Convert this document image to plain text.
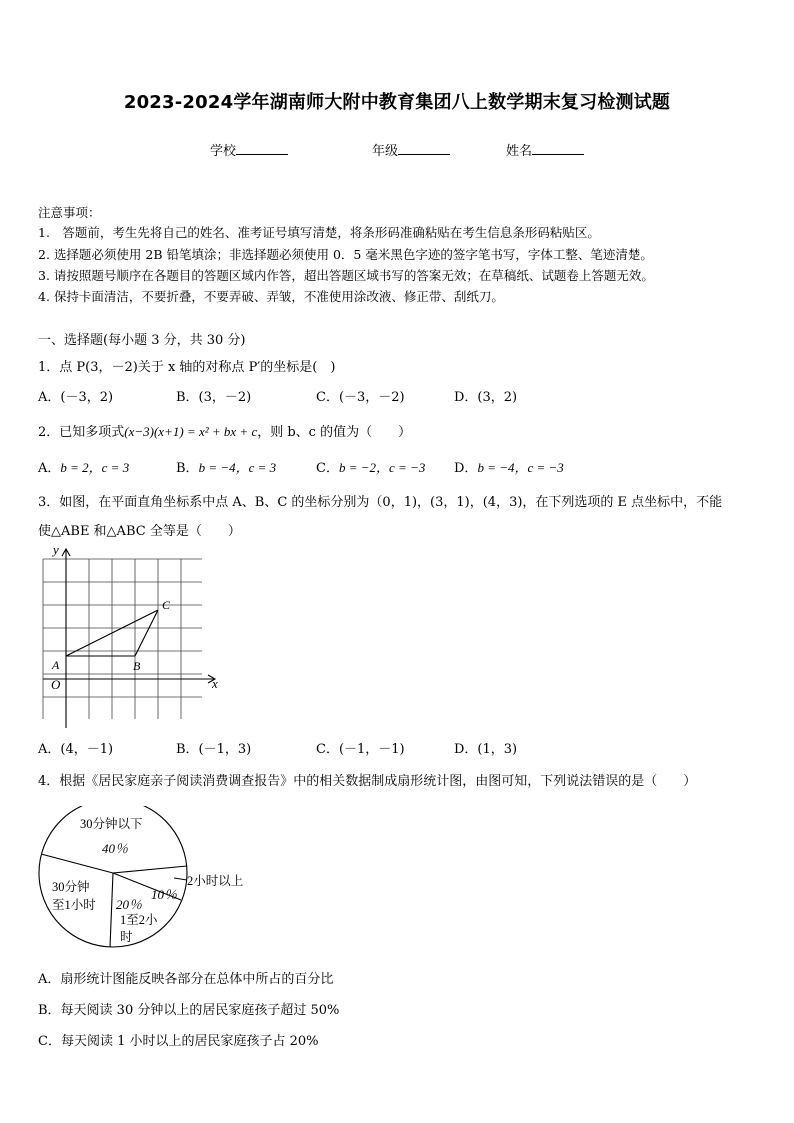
2023-2024学年湖南师大附中教育集团八上数学期末复习检测试题
学校	年级	姓名
注意事项：
1.　答题前，考生先将自己的姓名、准考证号填写清楚，将条形码准确粘贴在考生信息条形码粘贴区。
2. 选择题必须使用 2B 铅笔填涂；非选择题必须使用 0．5 毫米黑色字迹的签字笔书写，字体工整、笔迹清楚。
3. 请按照题号顺序在各题目的答题区域内作答，超出答题区域书写的答案无效；在草稿纸、试题卷上答题无效。
4. 保持卡面清洁，不要折叠，不要弄破、弄皱，不准使用涂改液、修正带、刮纸刀。
一、选择题(每小题 3 分，共 30 分)
1．点 P(3，－2)关于 x 轴的对称点 P′的坐标是(　)
A．(－3，2)	B．(3，－2)	C．(－3，－2)	D．(3，2)
2．已知多项式(x−3)(x+1) = x² + bx + c，则 b、c 的值为（　　）
A．b = 2，c = 3	B．b = −4，c = 3	C．b = −2，c = −3 D．b = −4，c = −3
3．如图，在平面直角坐标系中点 A、B、C 的坐标分别为（0，1)，(3，1)，(4，3)，在下列选项的 E 点坐标中，不能
使△ABE 和△ABC 全等是（　　）
x
y
O
A	B
C
A．(4，－1)	B．(－1，3)	C．(－1，－1)	D．(1，3)
4．根据《居民家庭亲子阅读消费调查报告》中的相关数据制成扇形统计图，由图可知，下列说法错误的是（　　）
30分钟以下
40％
2小时以上
10％
20％
1至2小
时
30分钟
至1小时
A．扇形统计图能反映各部分在总体中所占的百分比
B．每天阅读 30 分钟以上的居民家庭孩子超过 50%
C．每天阅读 1 小时以上的居民家庭孩子占 20%
